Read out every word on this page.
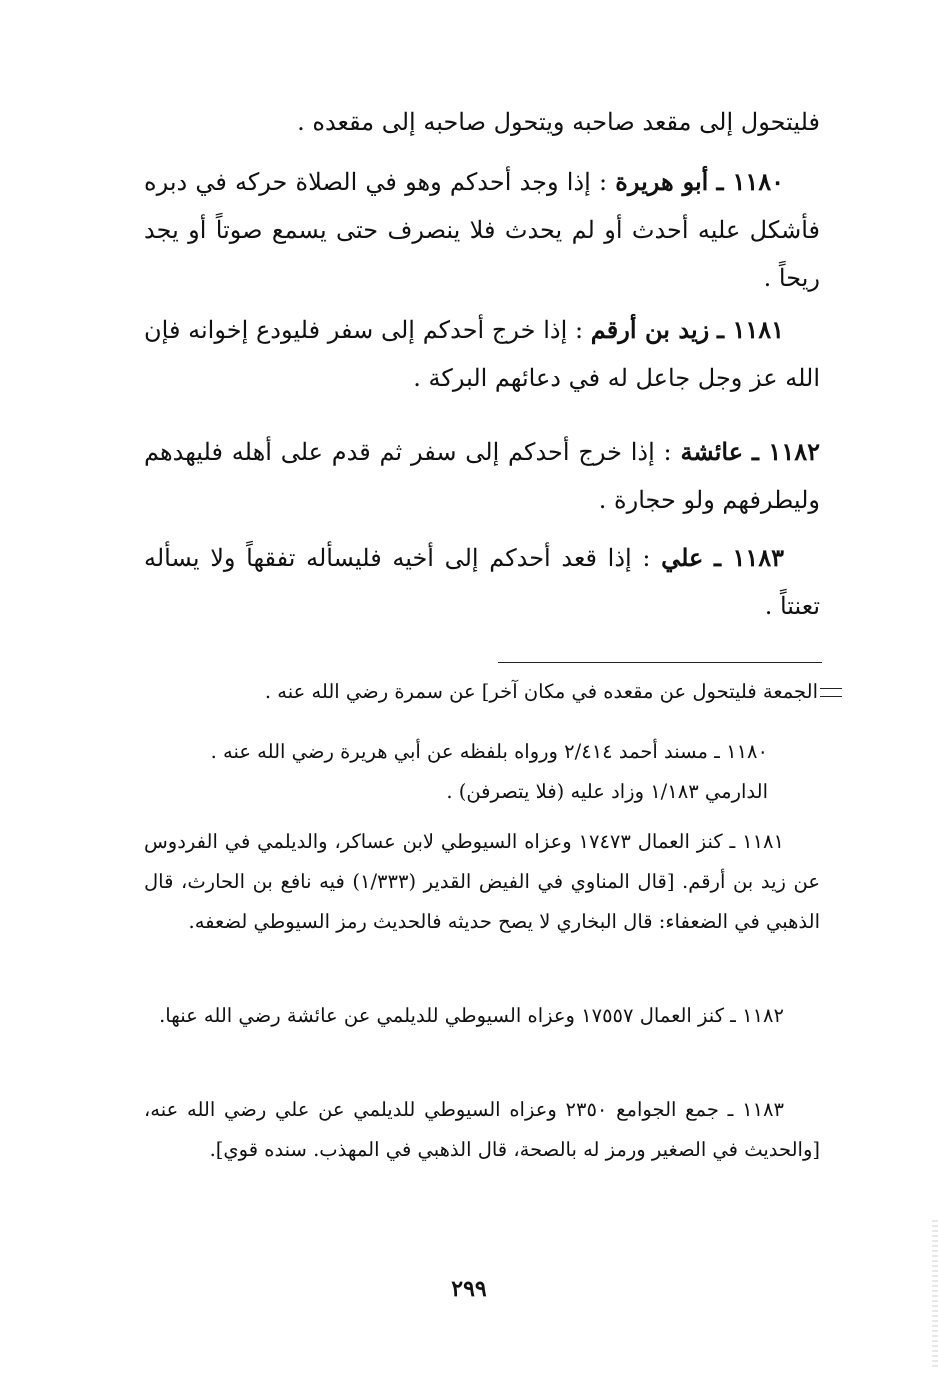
فليتحول إلى مقعد صاحبه ويتحول صاحبه إلى مقعده .
١١٨٠ ـ أبو هريرة : إذا وجد أحدكم وهو في الصلاة حركه في دبره فأشكل عليه أحدث أو لم يحدث فلا ينصرف حتى يسمع صوتاً أو يجد ريحاً .
١١٨١ ـ زيد بن أرقم : إذا خرج أحدكم إلى سفر فليودع إخوانه فإن الله عز وجل جاعل له في دعائهم البركة .
١١٨٢ ـ عائشة : إذا خرج أحدكم إلى سفر ثم قدم على أهله فليهدهم وليطرفهم ولو حجارة .
١١٨٣ ـ علي : إذا قعد أحدكم إلى أخيه فليسأله تفقهاً ولا يسأله تعنتاً .
الجمعة فليتحول عن مقعده في مكان آخر] عن سمرة رضي الله عنه .
١١٨٠ ـ مسند أحمد ٢/٤١٤ ورواه بلفظه عن أبي هريرة رضي الله عنه .
الدارمي ١/١٨٣ وزاد عليه (فلا يتصرفن) .
١١٨١ ـ كنز العمال ١٧٤٧٣ وعزاه السيوطي لابن عساكر، والديلمي في الفردوس عن زيد بن أرقم. [قال المناوي في الفيض القدير (١/٣٣٣) فيه نافع بن الحارث، قال الذهبي في الضعفاء: قال البخاري لا يصح حديثه فالحديث رمز السيوطي لضعفه.
١١٨٢ ـ كنز العمال ١٧٥٥٧ وعزاه السيوطي للديلمي عن عائشة رضي الله عنها.
١١٨٣ ـ جمع الجوامع ٢٣٥٠ وعزاه السيوطي للديلمي عن علي رضي الله عنه، [والحديث في الصغير ورمز له بالصحة، قال الذهبي في المهذب. سنده قوي].
٢٩٩
